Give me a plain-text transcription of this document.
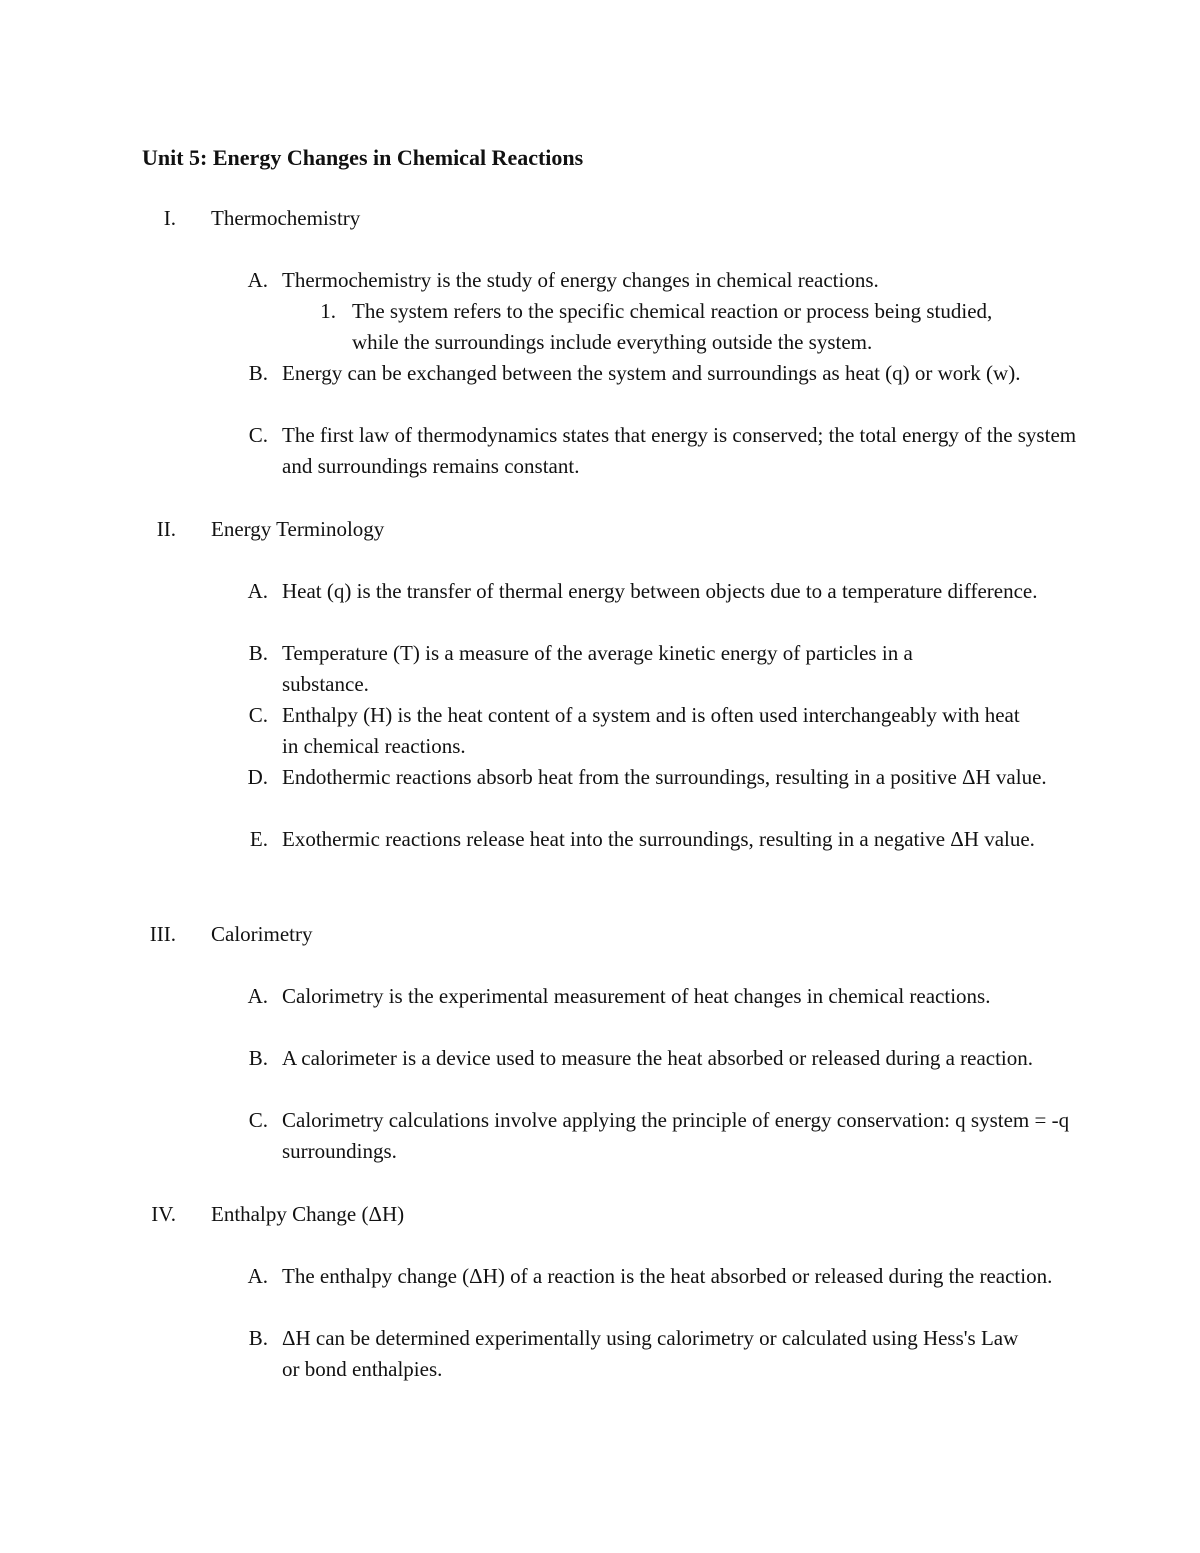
Unit 5: Energy Changes in Chemical Reactions
I. Thermochemistry
A. Thermochemistry is the study of energy changes in chemical reactions.
1. The system refers to the specific chemical reaction or process being studied, while the surroundings include everything outside the system.
B. Energy can be exchanged between the system and surroundings as heat (q) or work (w).
C. The first law of thermodynamics states that energy is conserved; the total energy of the system and surroundings remains constant.
II. Energy Terminology
A. Heat (q) is the transfer of thermal energy between objects due to a temperature difference.
B. Temperature (T) is a measure of the average kinetic energy of particles in a substance.
C. Enthalpy (H) is the heat content of a system and is often used interchangeably with heat in chemical reactions.
D. Endothermic reactions absorb heat from the surroundings, resulting in a positive ΔH value.
E. Exothermic reactions release heat into the surroundings, resulting in a negative ΔH value.
III. Calorimetry
A. Calorimetry is the experimental measurement of heat changes in chemical reactions.
B. A calorimeter is a device used to measure the heat absorbed or released during a reaction.
C. Calorimetry calculations involve applying the principle of energy conservation: q system = -q surroundings.
IV. Enthalpy Change (ΔH)
A. The enthalpy change (ΔH) of a reaction is the heat absorbed or released during the reaction.
B. ΔH can be determined experimentally using calorimetry or calculated using Hess's Law or bond enthalpies.
